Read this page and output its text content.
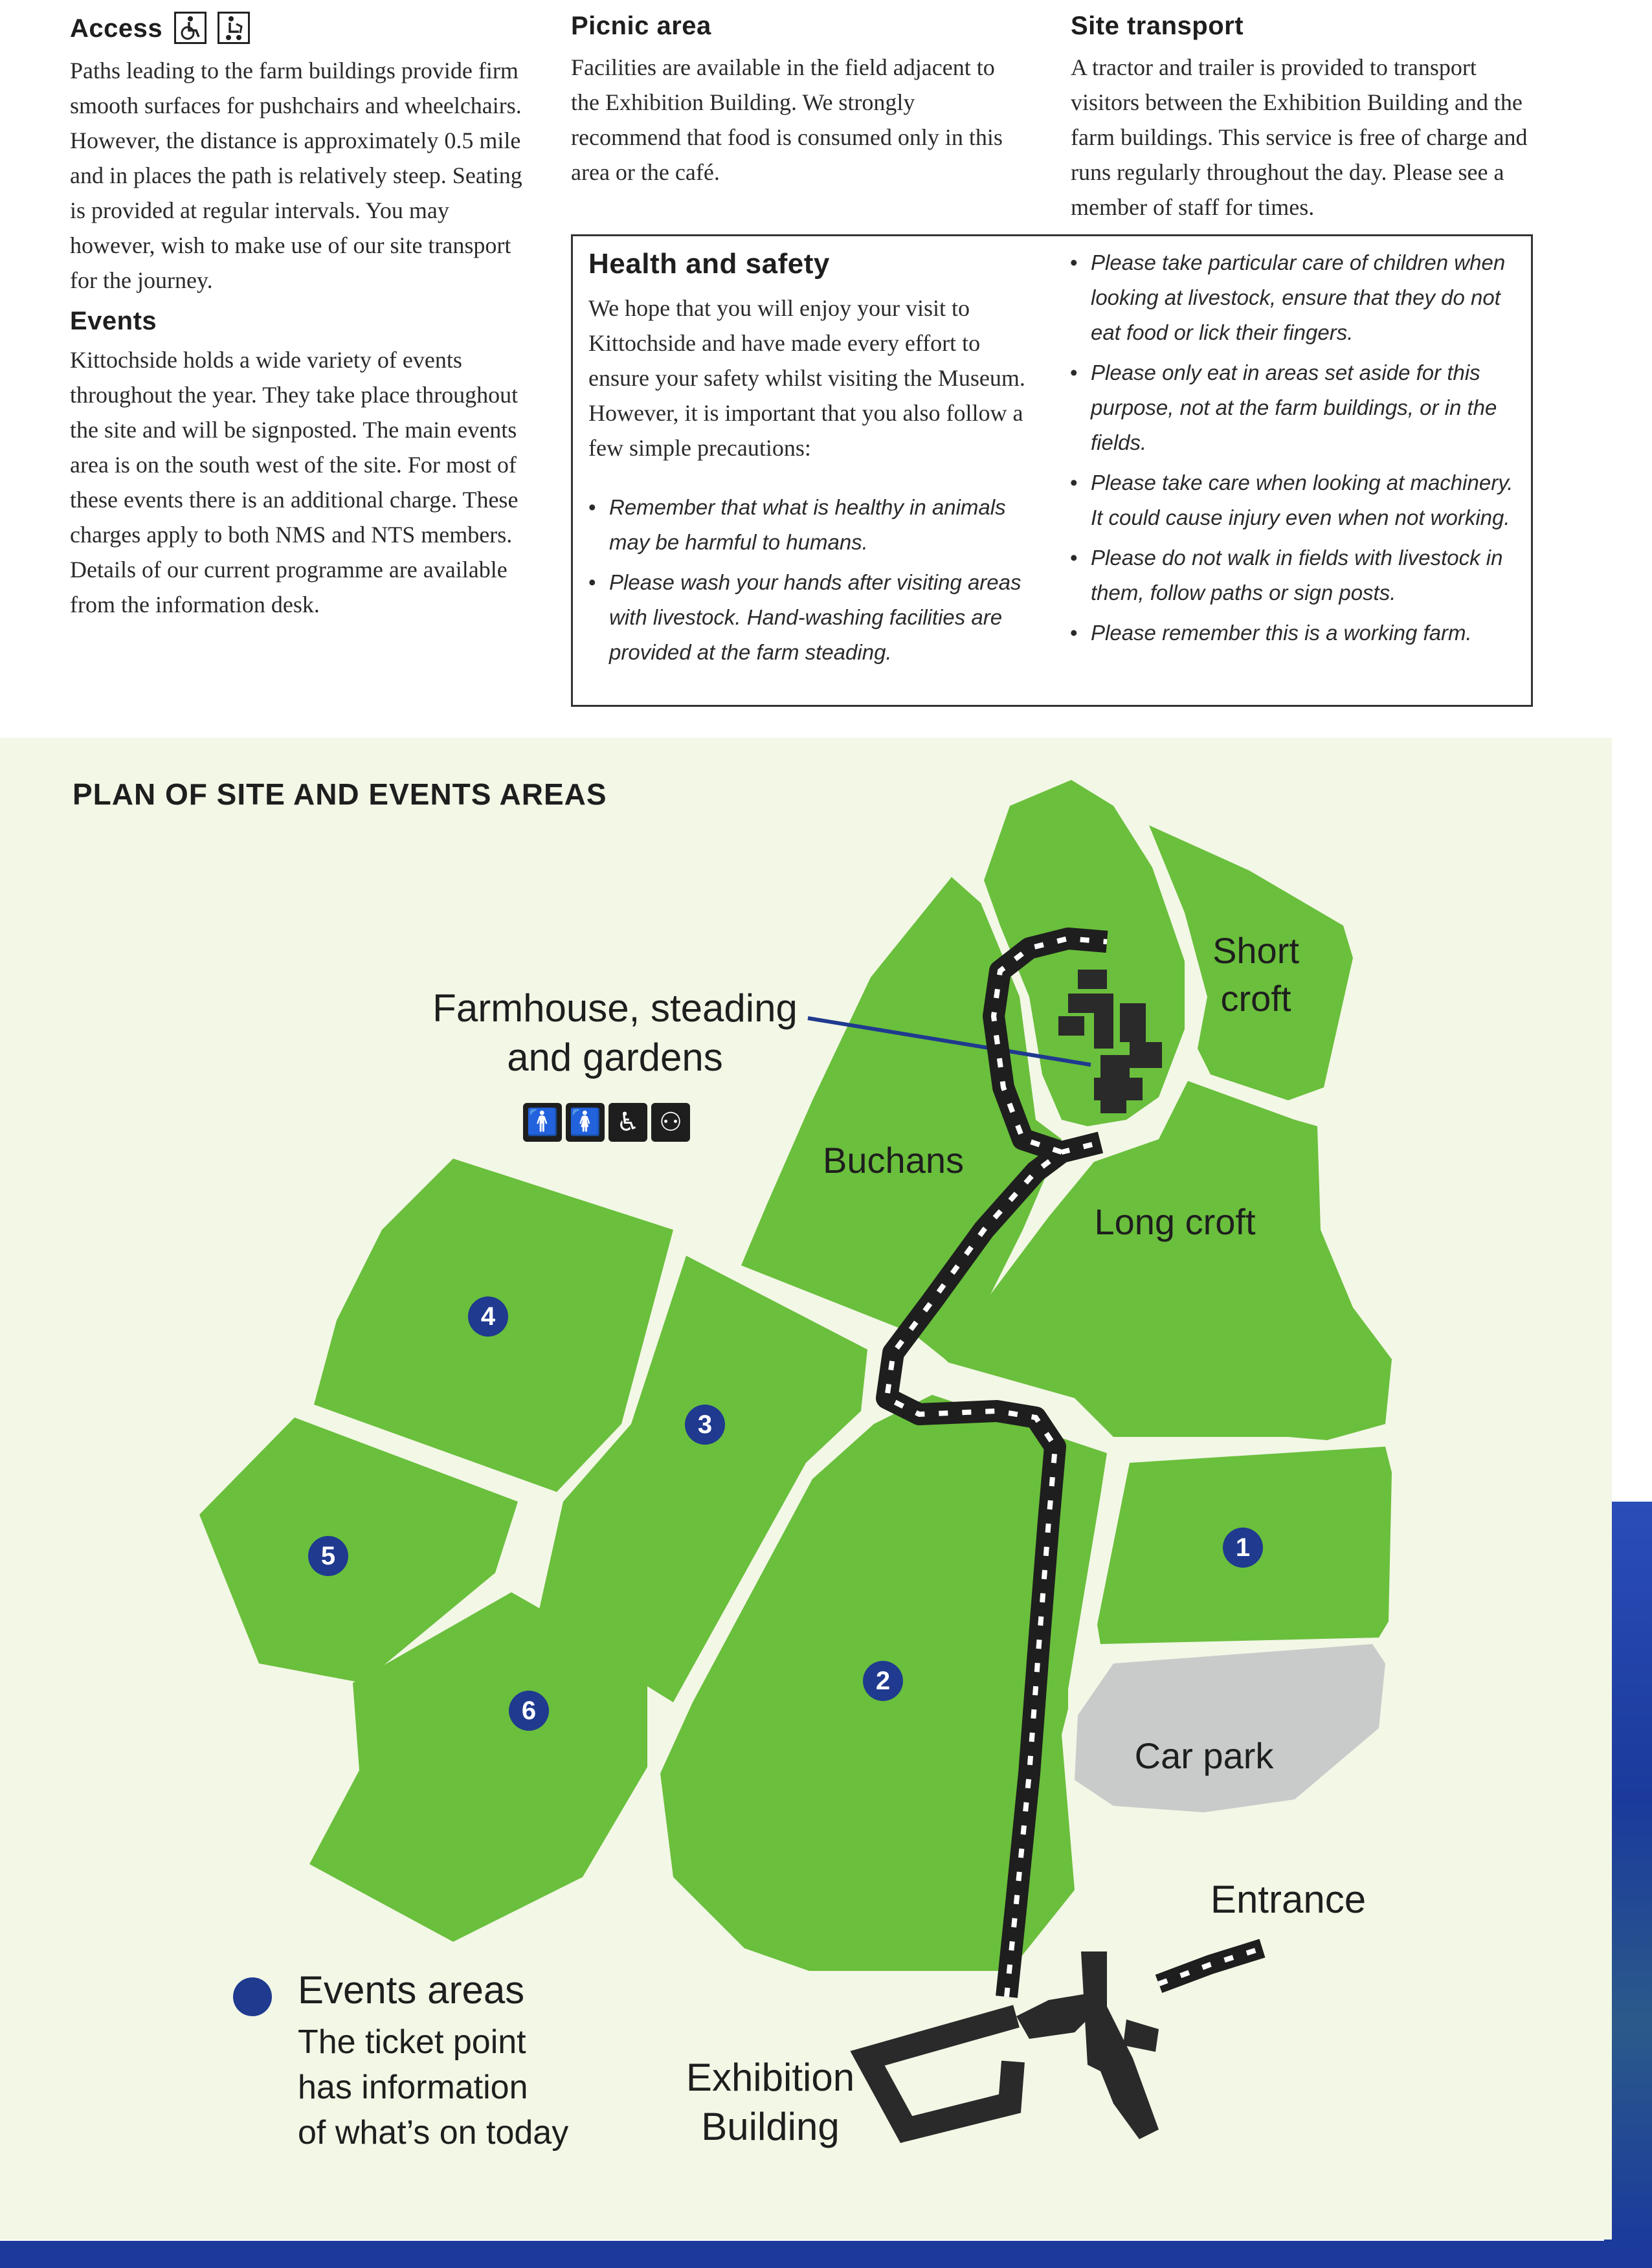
Access

Paths leading to the farm buildings provide firm smooth surfaces for pushchairs and wheelchairs. However, the distance is approximately 0.5 mile and in places the path is relatively steep. Seating is provided at regular intervals. You may however, wish to make use of our site transport for the journey.

Events

Kittochside holds a wide variety of events throughout the year. They take place throughout the site and will be signposted. The main events area is on the south west of the site. For most of these events there is an additional charge. These charges apply to both NMS and NTS members. Details of our current programme are available from the information desk.

Picnic area

Facilities are available in the field adjacent to the Exhibition Building. We strongly recommend that food is consumed only in this area or the café.

Site transport

A tractor and trailer is provided to transport visitors between the Exhibition Building and the farm buildings. This service is free of charge and runs regularly throughout the day. Please see a member of staff for times.

Health and safety

We hope that you will enjoy your visit to Kittochside and have made every effort to ensure your safety whilst visiting the Museum. However, it is important that you also follow a few simple precautions:

• Remember that what is healthy in animals may be harmful to humans.
• Please wash your hands after visiting areas with livestock. Hand-washing facilities are provided at the farm steading.
• Please take particular care of children when looking at livestock, ensure that they do not eat food or lick their fingers.
• Please only eat in areas set aside for this purpose, not at the farm buildings, or in the fields.
• Please take care when looking at machinery. It could cause injury even when not working.
• Please do not walk in fields with livestock in them, follow paths or sign posts.
• Please remember this is a working farm.
PLAN OF SITE AND EVENTS AREAS
Farmhouse, steading
and gardens
🚹 🚺 ♿ ⚇
Short
croft
Buchans
Long croft
Car park
1
2
3
4
5
6
Entrance
Exhibition
Building
Events areas
The ticket point
has information
of what’s on today
